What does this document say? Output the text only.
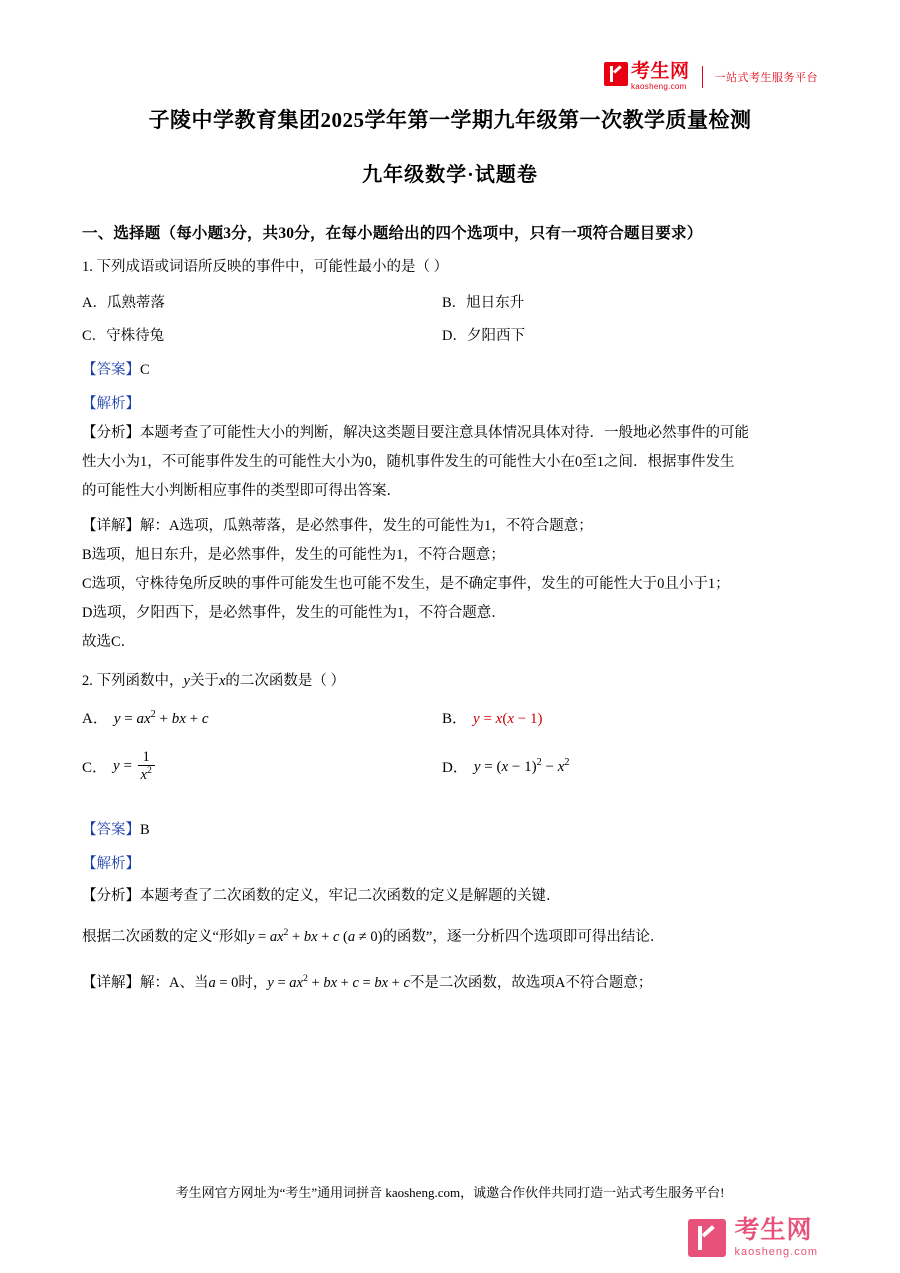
考生网
kaosheng.com
一站式考生服务平台
子陵中学教育集团2025学年第一学期九年级第一次教学质量检测
九年级数学·试题卷
一、选择题（每小题3分，共30分，在每小题给出的四个选项中，只有一项符合题目要求）
1. 下列成语或词语所反映的事件中，可能性最小的是（ ）
A．瓜熟蒂落	B．旭日东升
C．守株待兔	D．夕阳西下
【答案】C
【解析】
【分析】本题考查了可能性大小的判断，解决这类题目要注意具体情况具体对待．一般地必然事件的可能
性大小为1，不可能事件发生的可能性大小为0，随机事件发生的可能性大小在0至1之间．根据事件发生
的可能性大小判断相应事件的类型即可得出答案．
【详解】解：A选项，瓜熟蒂落，是必然事件，发生的可能性为1，不符合题意；
B选项，旭日东升，是必然事件，发生的可能性为1，不符合题意；
C选项，守株待兔所反映的事件可能发生也可能不发生，是不确定事件，发生的可能性大于0且小于1；
D选项，夕阳西下，是必然事件，发生的可能性为1，不符合题意．
故选C．
2. 下列函数中，y关于x的二次函数是（ ）
A． $y = ax^2$ + bx + c	B． y = x(x − 1)
C． $y = \frac{1}{x^2}$	D． $y = (x - 1)^2 - x^2$
【答案】B
【解析】
【分析】本题考查了二次函数的定义，牢记二次函数的定义是解题的关键．
根据二次函数的定义“形如$y = ax^2$ + bx + c (a ≠ 0)的函数”，逐一分析四个选项即可得出结论．
【详解】解：A、当a = 0时，$y = ax^2$ + bx + c = bx + c不是二次函数，故选项A不符合题意；
考生网官方网址为“考生”通用词拼音 kaosheng.com，诚邀合作伙伴共同打造一站式考生服务平台!
考生网
kaosheng.com
